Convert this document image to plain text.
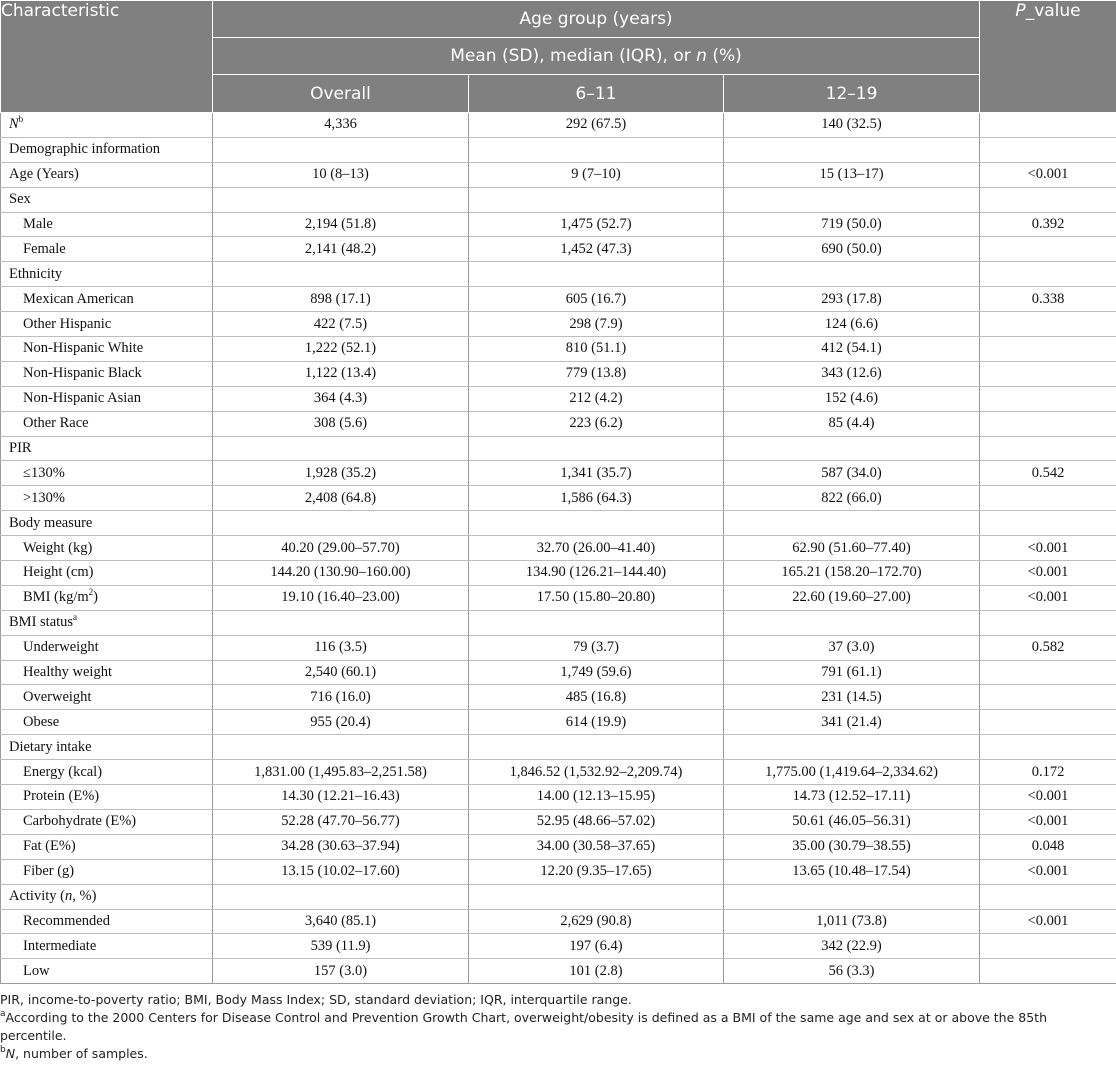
Characteristic	Age group (years)			P_value
	Mean (SD), median (IQR), or n (%)			
	Overall	6–11	12–19	
$N^b$	4,336	292 (67.5)	140 (32.5)	
Demographic information				
Age (Years)	10 (8–13)	9 (7–10)	15 (13–17)	<0.001
Sex				
Male	2,194 (51.8)	1,475 (52.7)	719 (50.0)	0.392
Female	2,141 (48.2)	1,452 (47.3)	690 (50.0)	
Ethnicity				
Mexican American	898 (17.1)	605 (16.7)	293 (17.8)	0.338
Other Hispanic	422 (7.5)	298 (7.9)	124 (6.6)	
Non-Hispanic White	1,222 (52.1)	810 (51.1)	412 (54.1)	
Non-Hispanic Black	1,122 (13.4)	779 (13.8)	343 (12.6)	
Non-Hispanic Asian	364 (4.3)	212 (4.2)	152 (4.6)	
Other Race	308 (5.6)	223 (6.2)	85 (4.4)	
PIR				
≤130%	1,928 (35.2)	1,341 (35.7)	587 (34.0)	0.542
>130%	2,408 (64.8)	1,586 (64.3)	822 (66.0)	
Body measure				
Weight (kg)	40.20 (29.00–57.70)	32.70 (26.00–41.40)	62.90 (51.60–77.40)	<0.001
Height (cm)	144.20 (130.90–160.00)	134.90 (126.21–144.40)	165.21 (158.20–172.70)	<0.001
BMI $(kg/m^2)$	19.10 (16.40–23.00)	17.50 (15.80–20.80)	22.60 (19.60–27.00)	<0.001
BMI status$^a$				
Underweight	116 (3.5)	79 (3.7)	37 (3.0)	0.582
Healthy weight	2,540 (60.1)	1,749 (59.6)	791 (61.1)	
Overweight	716 (16.0)	485 (16.8)	231 (14.5)	
Obese	955 (20.4)	614 (19.9)	341 (21.4)	
Dietary intake				
Energy (kcal)	1,831.00 (1,495.83–2,251.58)	1,846.52 (1,532.92–2,209.74)	1,775.00 (1,419.64–2,334.62)	0.172
Protein (E%)	14.30 (12.21–16.43)	14.00 (12.13–15.95)	14.73 (12.52–17.11)	<0.001
Carbohydrate (E%)	52.28 (47.70–56.77)	52.95 (48.66–57.02)	50.61 (46.05–56.31)	<0.001
Fat (E%)	34.28 (30.63–37.94)	34.00 (30.58–37.65)	35.00 (30.79–38.55)	0.048
Fiber (g)	13.15 (10.02–17.60)	12.20 (9.35–17.65)	13.65 (10.48–17.54)	<0.001
Activity (n, %)				
Recommended	3,640 (85.1)	2,629 (90.8)	1,011 (73.8)	<0.001
Intermediate	539 (11.9)	197 (6.4)	342 (22.9)	
Low	157 (3.0)	101 (2.8)	56 (3.3)	

PIR, income-to-poverty ratio; BMI, Body Mass Index; SD, standard deviation; IQR, interquartile range.

$^a$According to the 2000 Centers for Disease Control and Prevention Growth Chart, overweight/obesity is defined as a BMI of the same age and sex at or above the 85th percentile.

$^b$N, number of samples.
